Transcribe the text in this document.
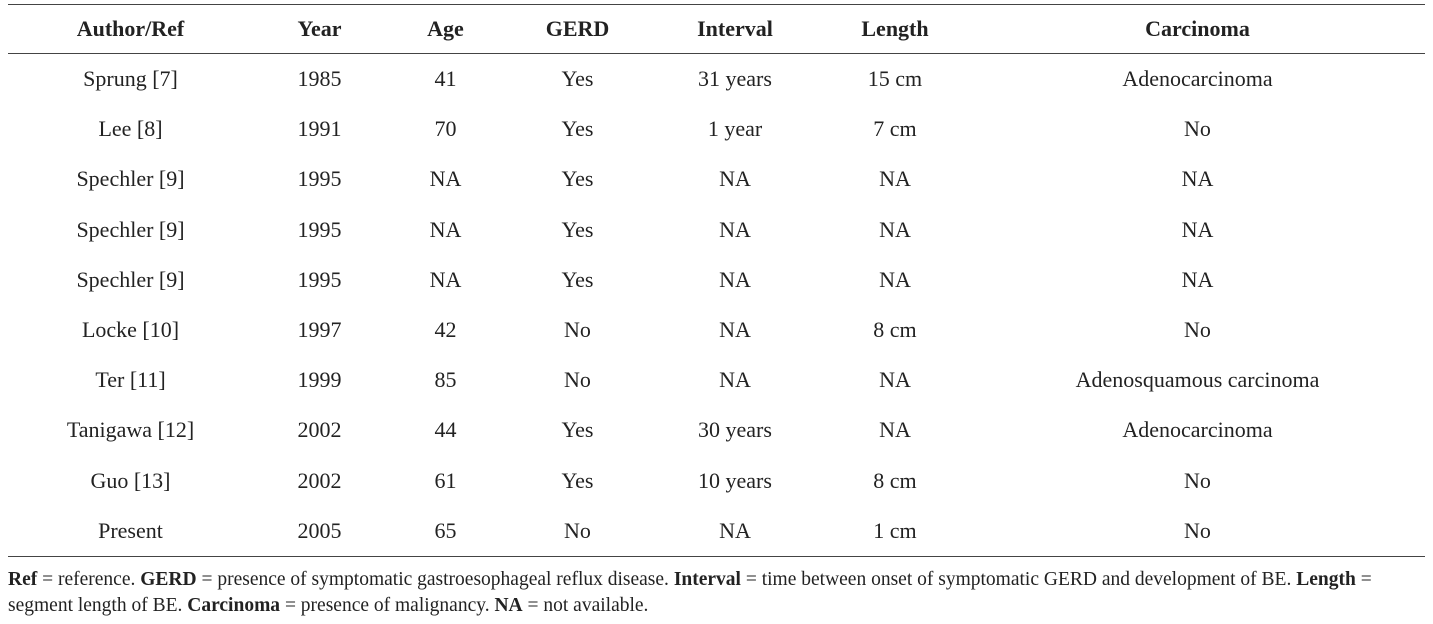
Author/Ref	Year	Age	GERD	Interval	Length	Carcinoma
Sprung [7]	1985	41	Yes	31 years	15 cm	Adenocarcinoma
Lee [8]	1991	70	Yes	1 year	7 cm	No
Spechler [9]	1995	NA	Yes	NA	NA	NA
Spechler [9]	1995	NA	Yes	NA	NA	NA
Spechler [9]	1995	NA	Yes	NA	NA	NA
Locke [10]	1997	42	No	NA	8 cm	No
Ter [11]	1999	85	No	NA	NA	Adenosquamous carcinoma
Tanigawa [12]	2002	44	Yes	30 years	NA	Adenocarcinoma
Guo [13]	2002	61	Yes	10 years	8 cm	No
Present	2005	65	No	NA	1 cm	No
Ref = reference. GERD = presence of symptomatic gastroesophageal reflux disease. Interval = time between onset of symptomatic GERD and development of BE. Length = segment length of BE. Carcinoma = presence of malignancy. NA = not available.
